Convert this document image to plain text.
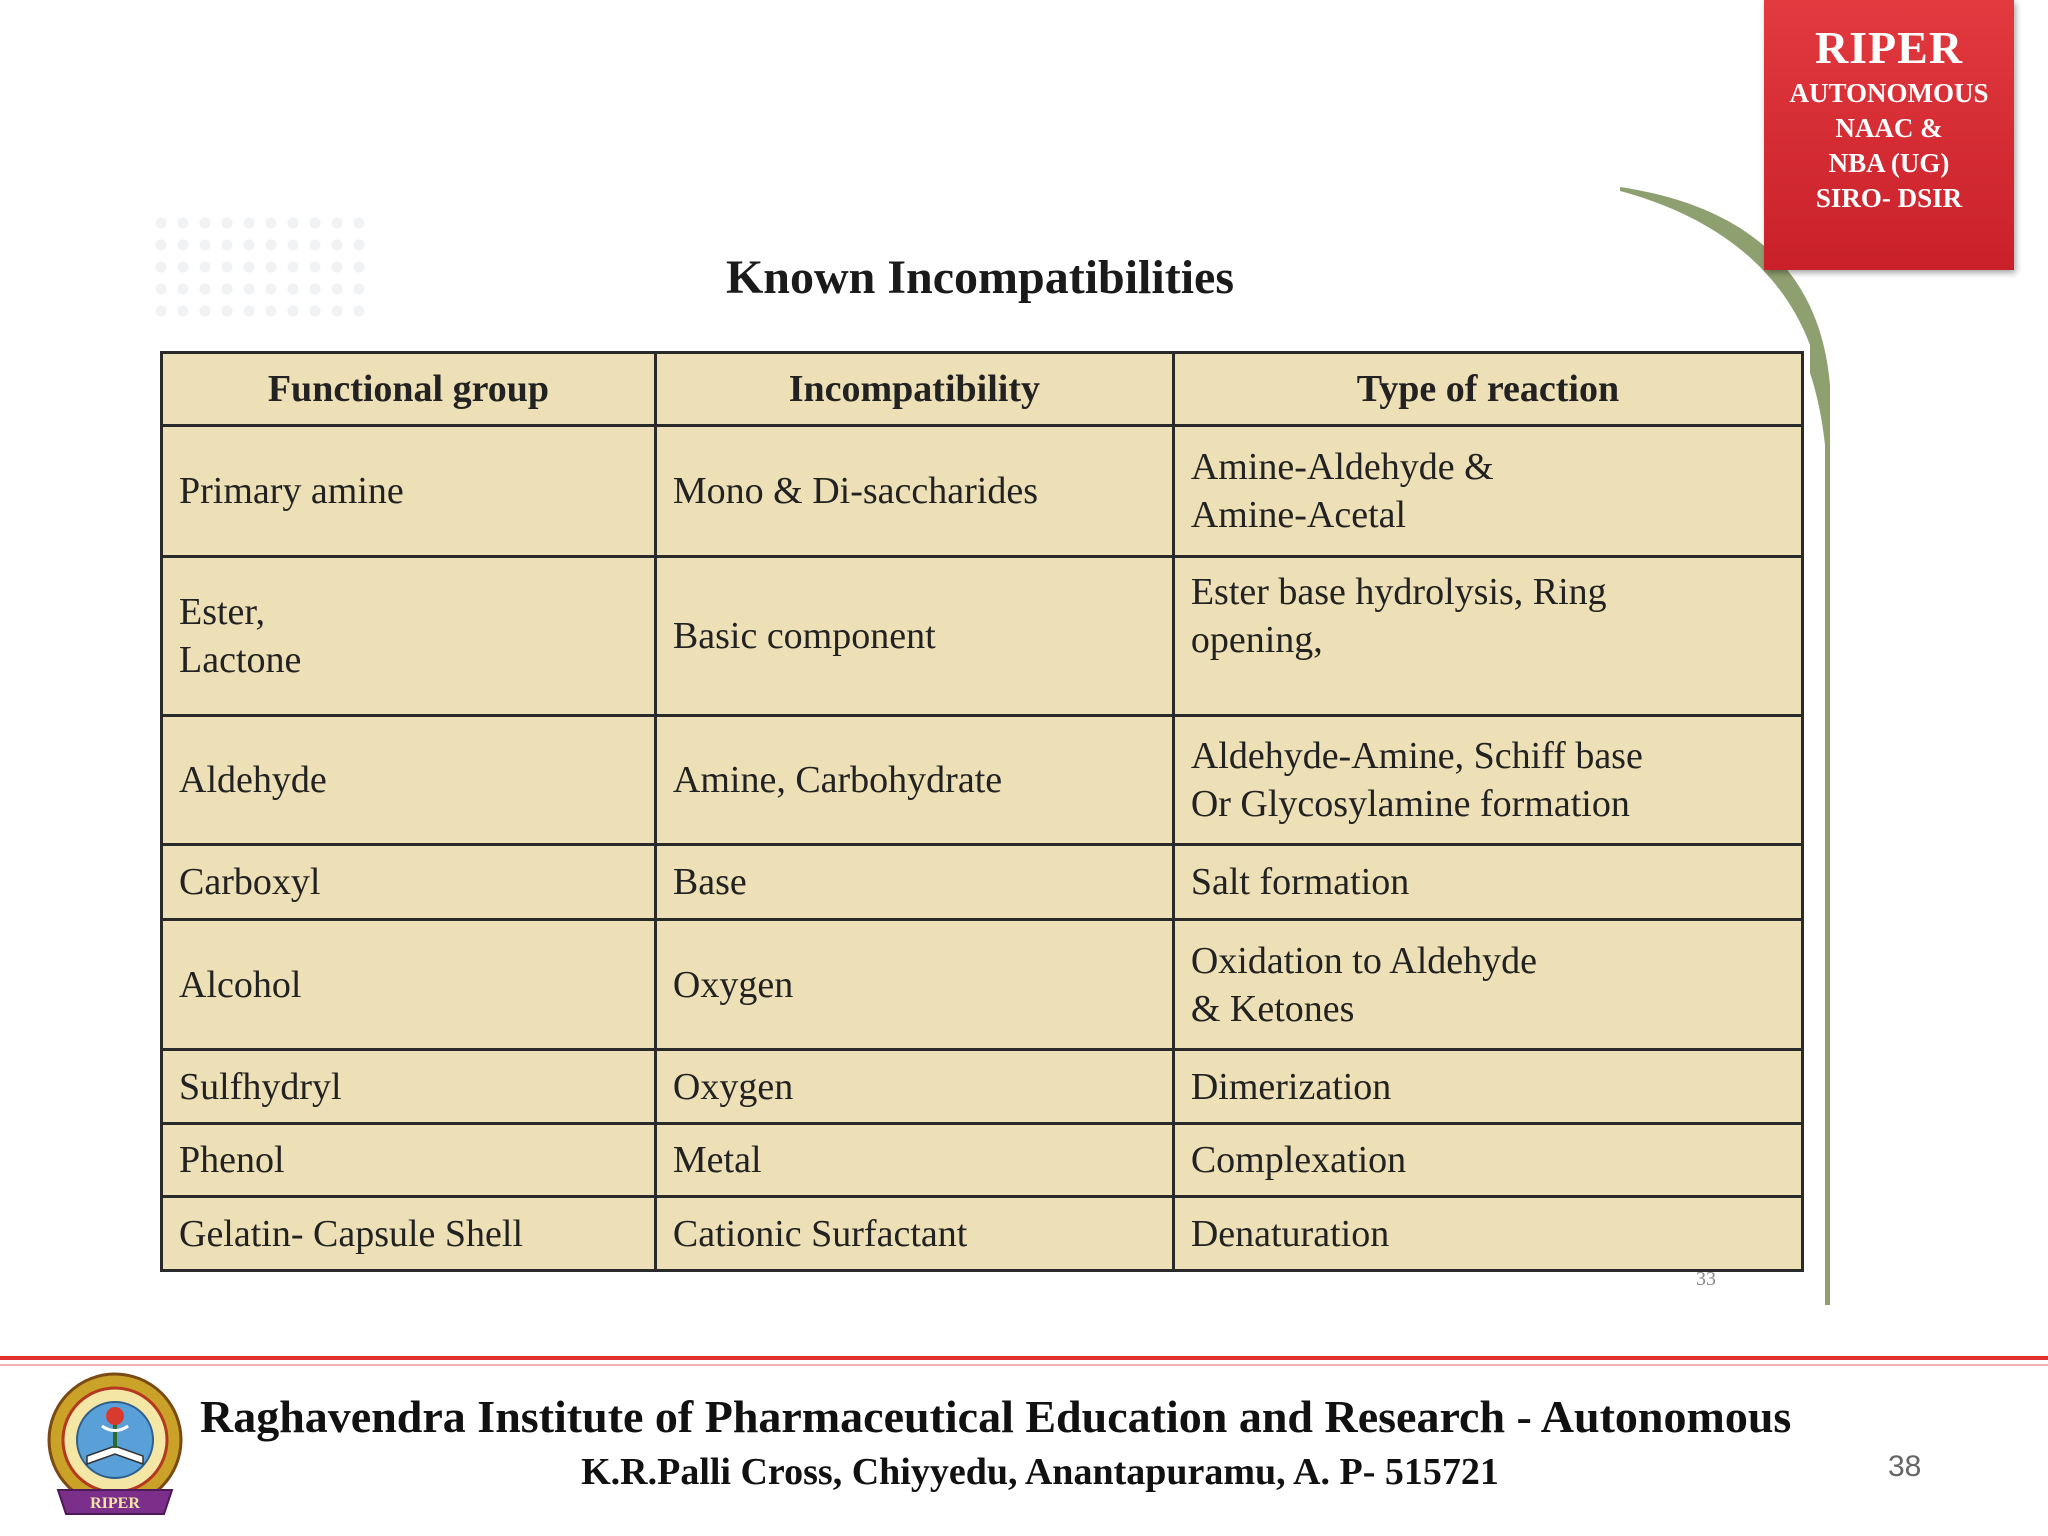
RIPER
AUTONOMOUS
NAAC &
NBA (UG)
SIRO- DSIR
Known Incompatibilities
Functional group	Incompatibility	Type of reaction
Primary amine	Mono & Di-saccharides	Amine-Aldehyde &
Amine-Acetal
Ester,
Lactone	Basic component	Ester base hydrolysis, Ring
opening,
Aldehyde	Amine, Carbohydrate	Aldehyde-Amine, Schiff base
Or Glycosylamine formation
Carboxyl	Base	Salt formation
Alcohol	Oxygen	Oxidation to Aldehyde
& Ketones
Sulfhydryl	Oxygen	Dimerization
Phenol	Metal	Complexation
Gelatin- Capsule Shell	Cationic Surfactant	Denaturation
33
RIPER
Raghavendra Institute of Pharmaceutical Education and Research - Autonomous
K.R.Palli Cross, Chiyyedu, Anantapuramu, A. P- 515721	38
